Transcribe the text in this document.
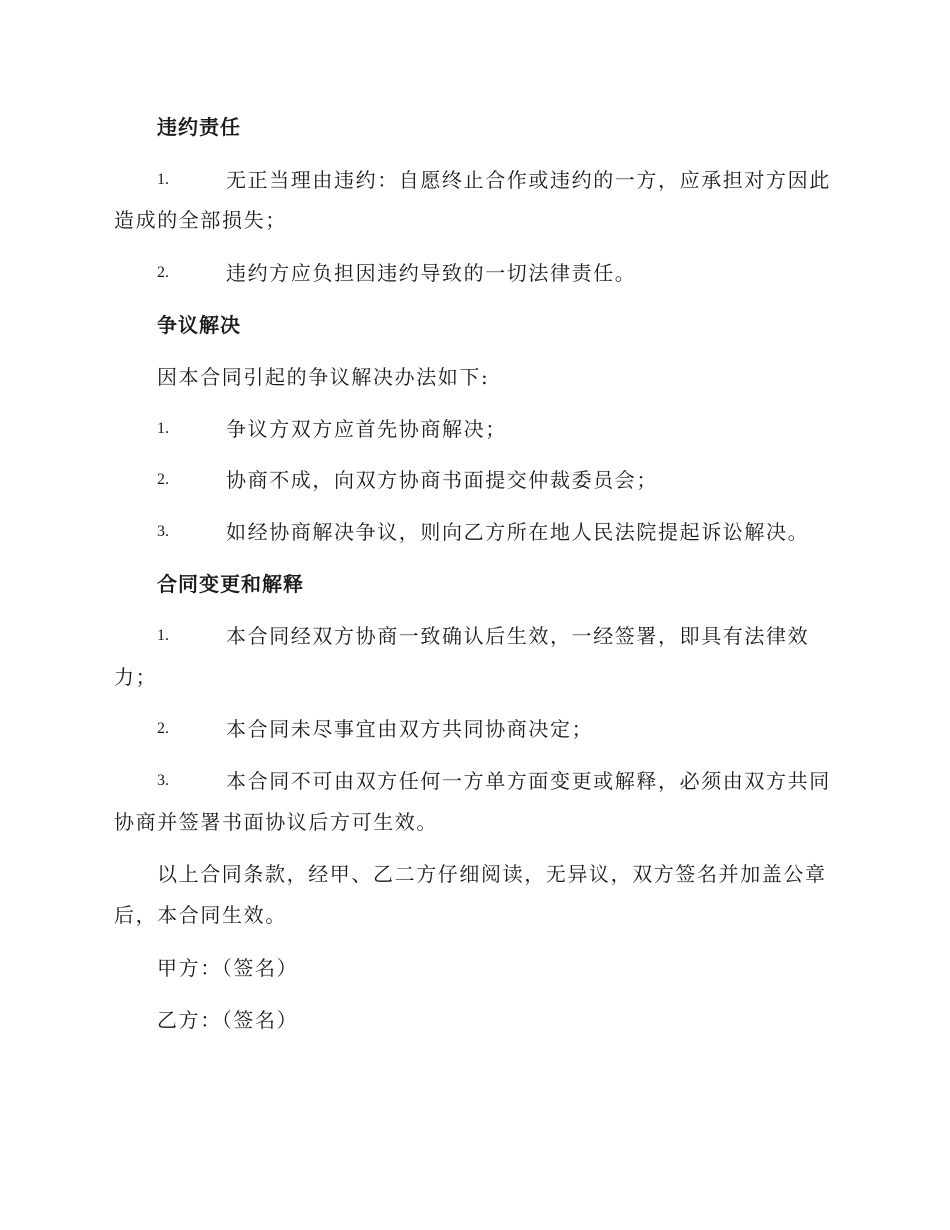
违约责任
1.	无正当理由违约：自愿终止合作或违约的一方，应承担对方因此
造成的全部损失；
2.	违约方应负担因违约导致的一切法律责任。
争议解决
因本合同引起的争议解决办法如下:
1.	争议方双方应首先协商解决；
2.	协商不成，向双方协商书面提交仲裁委员会；
3.	如经协商解决争议，则向乙方所在地人民法院提起诉讼解决。
合同变更和解释
1.	本合同经双方协商一致确认后生效，一经签署，即具有法律效
力；
2.	本合同未尽事宜由双方共同协商决定；
3.	本合同不可由双方任何一方单方面变更或解释，必须由双方共同
协商并签署书面协议后方可生效。
以上合同条款，经甲、乙二方仔细阅读，无异议，双方签名并加盖公章
后，本合同生效。
甲方：（签名）
乙方：（签名）
